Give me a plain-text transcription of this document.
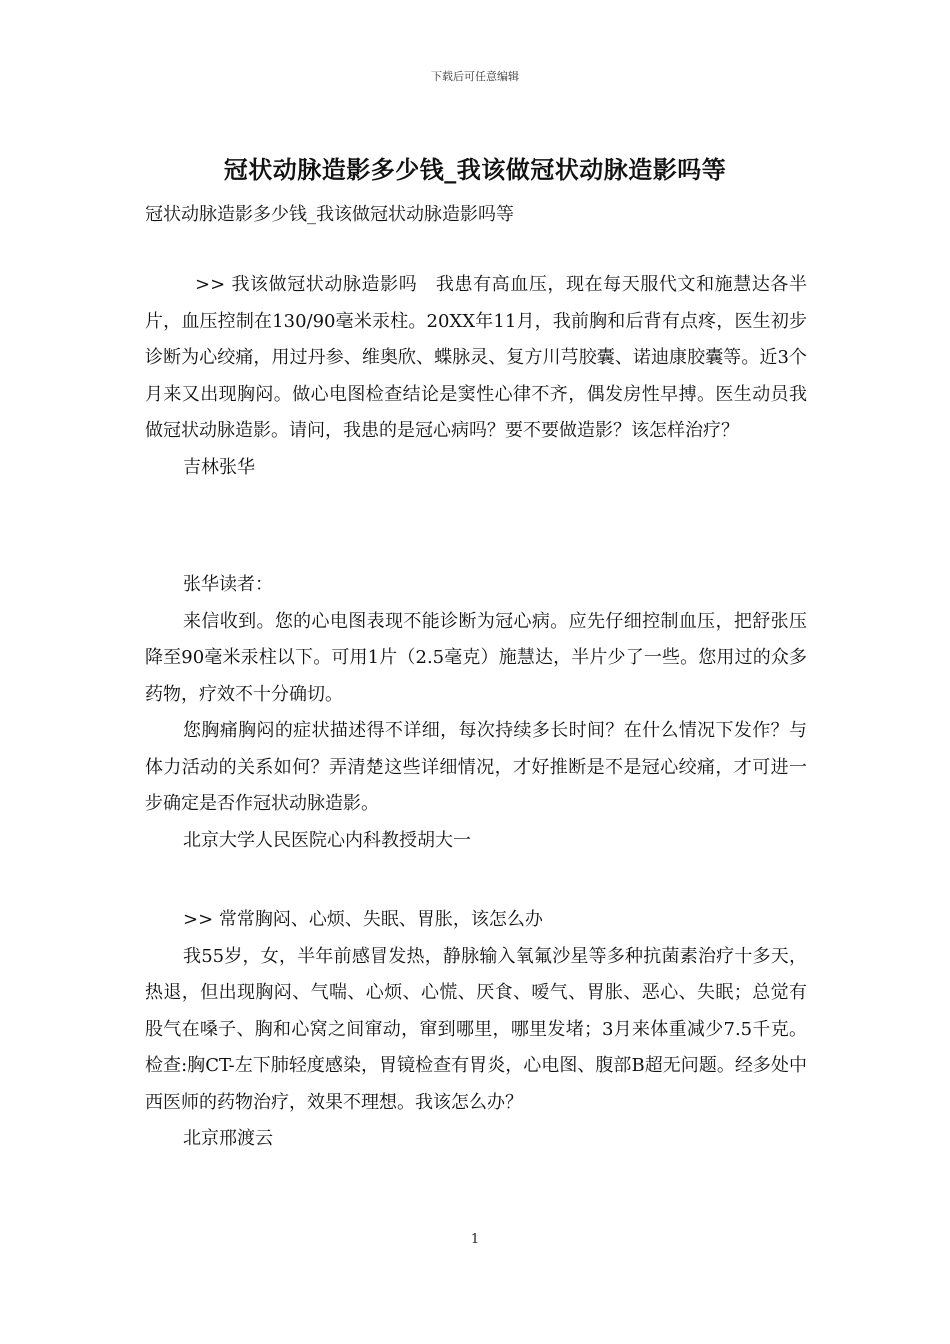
下载后可任意编辑
冠状动脉造影多少钱_我该做冠状动脉造影吗等
冠状动脉造影多少钱_我该做冠状动脉造影吗等

>> 我该做冠状动脉造影吗　我患有高血压，现在每天服代文和施慧达各半片，血压控制在130/90毫米汞柱。20XX年11月，我前胸和后背有点疼，医生初步诊断为心绞痛，用过丹参、维奥欣、蝶脉灵、复方川芎胶囊、诺迪康胶囊等。近3个月来又出现胸闷。做心电图检查结论是窦性心律不齐，偶发房性早搏。医生动员我做冠状动脉造影。请问，我患的是冠心病吗？要不要做造影？该怎样治疗？

吉林张华

张华读者：

来信收到。您的心电图表现不能诊断为冠心病。应先仔细控制血压，把舒张压降至90毫米汞柱以下。可用1片（2.5毫克）施慧达，半片少了一些。您用过的众多药物，疗效不十分确切。

您胸痛胸闷的症状描述得不详细，每次持续多长时间？在什么情况下发作？与体力活动的关系如何？弄清楚这些详细情况，才好推断是不是冠心绞痛，才可进一步确定是否作冠状动脉造影。

北京大学人民医院心内科教授胡大一

>> 常常胸闷、心烦、失眠、胃胀，该怎么办

我55岁，女，半年前感冒发热，静脉输入氧氟沙星等多种抗菌素治疗十多天，热退，但出现胸闷、气喘、心烦、心慌、厌食、嗳气、胃胀、恶心、失眠；总觉有股气在嗓子、胸和心窝之间窜动，窜到哪里，哪里发堵；3月来体重减少7.5千克。检查:胸CT-左下肺轻度感染，胃镜检查有胃炎，心电图、腹部B超无问题。经多处中西医师的药物治疗，效果不理想。我该怎么办？

北京邢渡云

1
